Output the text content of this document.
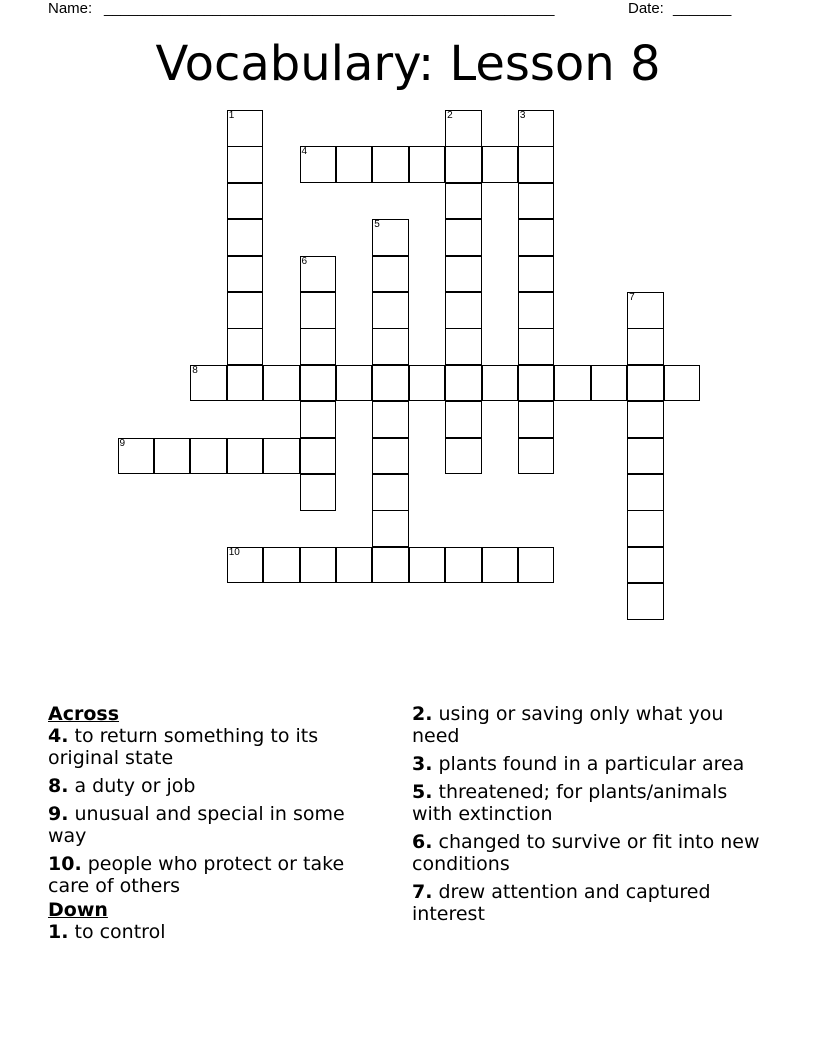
Name: ______________________________________________________	Date: _______
Vocabulary: Lesson 8
1	2	3
4
5
6
7
8
9
10
Across
4. to return something to its original state
8. a duty or job
9. unusual and special in some way
10. people who protect or take care of others
Down
1. to control
2. using or saving only what you need
3. plants found in a particular area
5. threatened; for plants/animals with extinction
6. changed to survive or fit into new conditions
7. drew attention and captured interest
